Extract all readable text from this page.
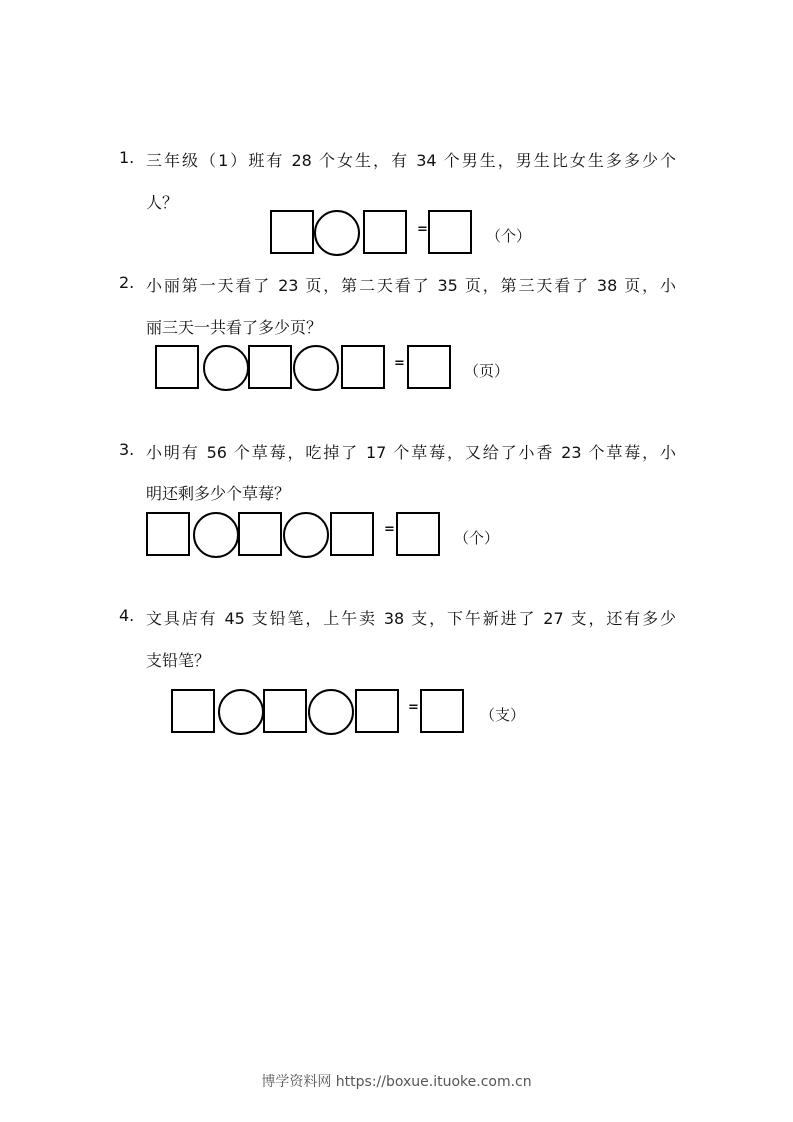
1. 三年级（1）班有 28 个女生，有 34 个男生，男生比女生多多少个
人？
=	（个）
2. 小丽第一天看了 23 页，第二天看了 35 页，第三天看了 38 页，小
丽三天一共看了多少页？
=	（页）
3. 小明有 56 个草莓，吃掉了 17 个草莓，又给了小香 23 个草莓，小
明还剩多少个草莓？
=	（个）
4. 文具店有 45 支铅笔，上午卖 38 支，下午新进了 27 支，还有多少
支铅笔？
=	（支）
博学资料网 https://boxue.ituoke.com.cn
